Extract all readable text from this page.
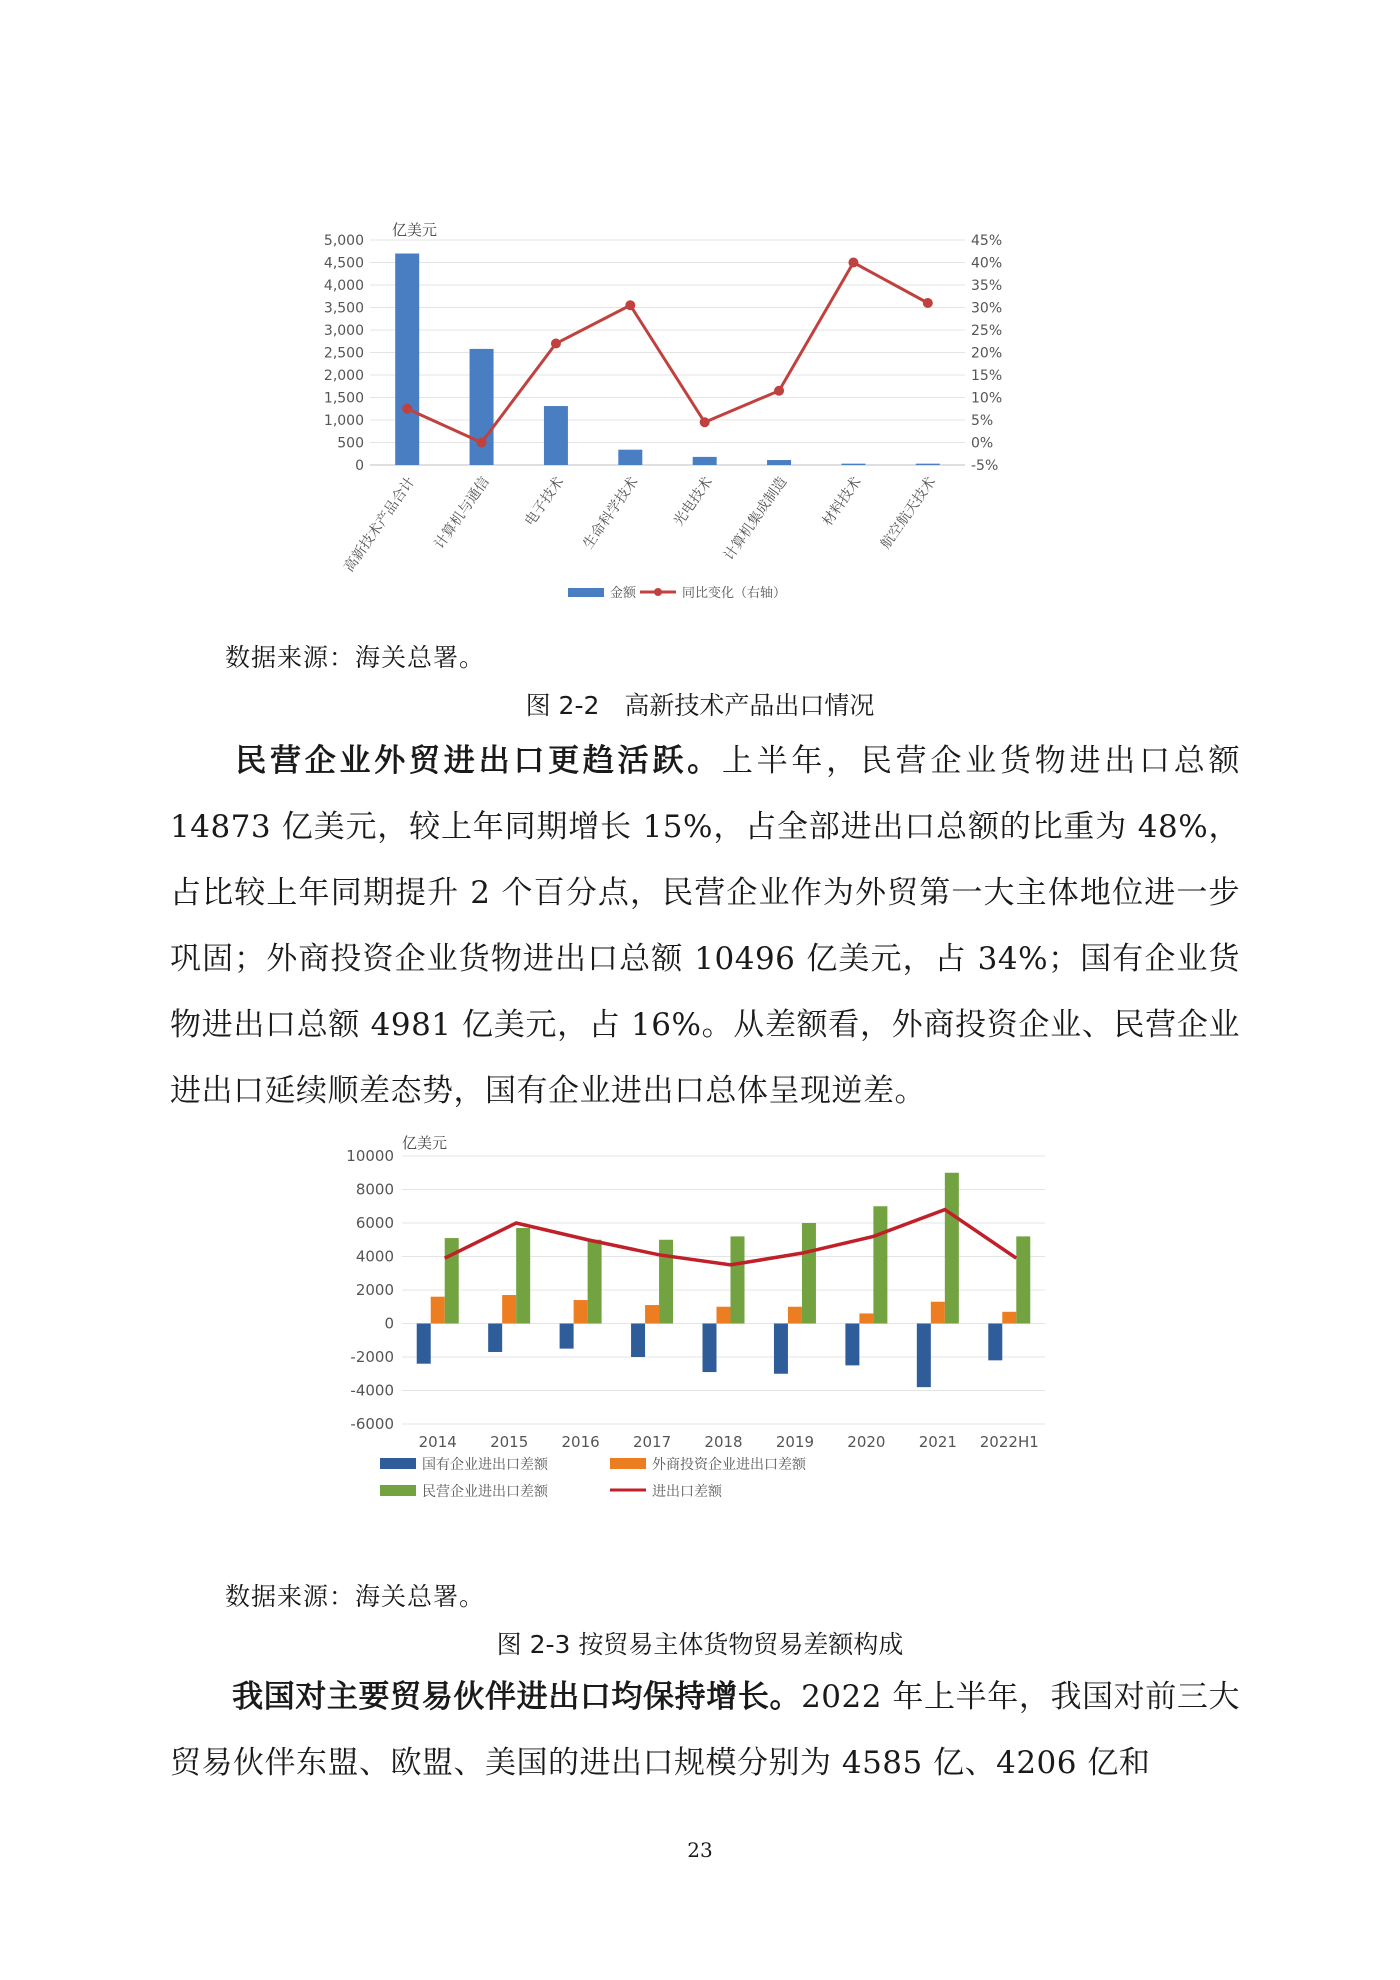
亿美元
5,000
4,500
4,000
3,500
3,000
2,500
2,000
1,500
1,000
500
0
45%
40%
35%
30%
25%
20%
15%
10%
5%
0%
-5%
高新技术产品合计 计算机与通信 电子技术 生命科学技术 光电技术 计算机集成制造 材料技术 航空航天技术
金额	同比变化（右轴）
数据来源：海关总署。
图 2-2　高新技术产品出口情况
民营企业外贸进出口更趋活跃。上半年，民营企业货物进出口总额14873 亿美元，较上年同期增长 15%，占全部进出口总额的比重为 48%，占比较上年同期提升 2 个百分点，民营企业作为外贸第一大主体地位进一步巩固；外商投资企业货物进出口总额 10496 亿美元，占 34%；国有企业货物进出口总额 4981 亿美元，占 16%。从差额看，外商投资企业、民营企业进出口延续顺差态势，国有企业进出口总体呈现逆差。
亿美元
10000
8000
6000
4000
2000
0
-2000
-4000
-6000
2014 2015 2016 2017 2018 2019 2020 2021 2022H1
国有企业进出口差额	外商投资企业进出口差额
民营企业进出口差额	进出口差额
数据来源：海关总署。
图 2-3 按贸易主体货物贸易差额构成
我国对主要贸易伙伴进出口均保持增长。2022 年上半年，我国对前三大贸易伙伴东盟、欧盟、美国的进出口规模分别为 4585 亿、4206 亿和
23
